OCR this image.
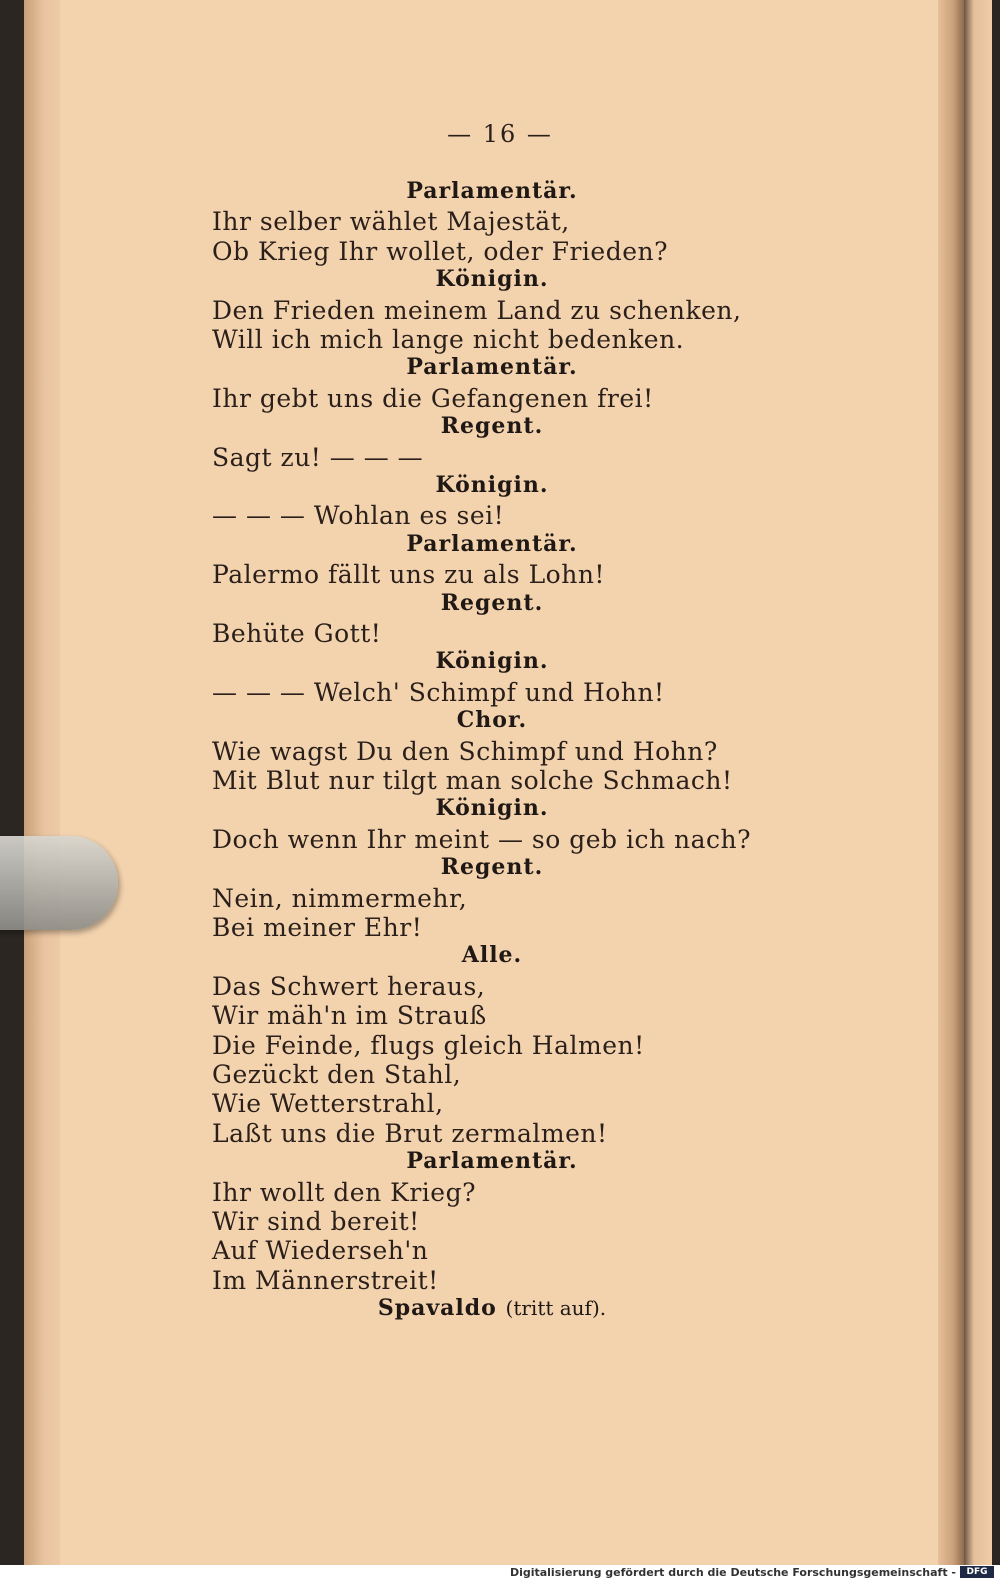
— 16 —
Parlamentär.
Ihr selber wählet Majestät,
Ob Krieg Ihr wollet, oder Frieden?
Königin.
Den Frieden meinem Land zu schenken,
Will ich mich lange nicht bedenken.
Parlamentär.
Ihr gebt uns die Gefangenen frei!
Regent.
Sagt zu! — — —
Königin.
— — — Wohlan es sei!
Parlamentär.
Palermo fällt uns zu als Lohn!
Regent.
Behüte Gott!
Königin.
— — — Welch' Schimpf und Hohn!
Chor.
Wie wagst Du den Schimpf und Hohn?
Mit Blut nur tilgt man solche Schmach!
Königin.
Doch wenn Ihr meint — so geb ich nach?
Regent.
Nein, nimmermehr,
Bei meiner Ehr!
Alle.
Das Schwert heraus,
Wir mäh'n im Strauß
Die Feinde, flugs gleich Halmen!
Gezückt den Stahl,
Wie Wetterstrahl,
Laßt uns die Brut zermalmen!
Parlamentär.
Ihr wollt den Krieg?
Wir sind bereit!
Auf Wiederseh'n
Im Männerstreit!
Spavaldo (tritt auf).
Digitalisierung gefördert durch die Deutsche Forschungsgemeinschaft -	DFG
